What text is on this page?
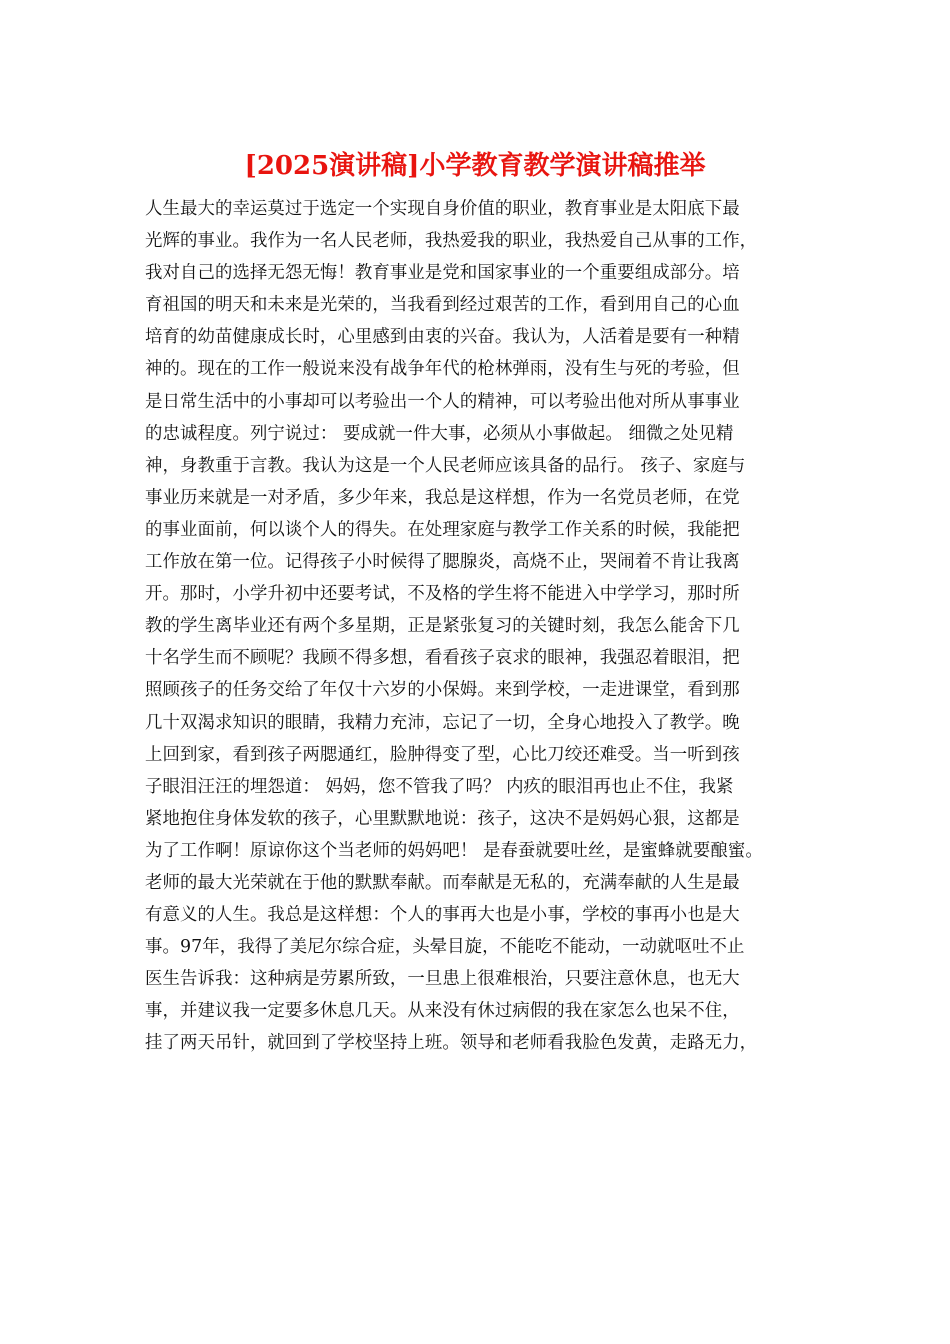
[2025演讲稿]小学教育教学演讲稿推举
人生最大的幸运莫过于选定一个实现自身价值的职业，教育事业是太阳底下最
光辉的事业。我作为一名人民老师，我热爱我的职业，我热爱自己从事的工作，
我对自己的选择无怨无悔！教育事业是党和国家事业的一个重要组成部分。培
育祖国的明天和未来是光荣的，当我看到经过艰苦的工作，看到用自己的心血
培育的幼苗健康成长时，心里感到由衷的兴奋。我认为，人活着是要有一种精
神的。现在的工作一般说来没有战争年代的枪林弹雨，没有生与死的考验，但
是日常生活中的小事却可以考验出一个人的精神，可以考验出他对所从事事业
的忠诚程度。列宁说过： 要成就一件大事，必须从小事做起。 细微之处见精
神，身教重于言教。我认为这是一个人民老师应该具备的品行。 孩子、家庭与
事业历来就是一对矛盾，多少年来，我总是这样想，作为一名党员老师，在党
的事业面前，何以谈个人的得失。在处理家庭与教学工作关系的时候，我能把
工作放在第一位。记得孩子小时候得了腮腺炎，高烧不止，哭闹着不肯让我离
开。那时，小学升初中还要考试，不及格的学生将不能进入中学学习，那时所
教的学生离毕业还有两个多星期，正是紧张复习的关键时刻，我怎么能舍下几
十名学生而不顾呢？我顾不得多想，看看孩子哀求的眼神，我强忍着眼泪，把
照顾孩子的任务交给了年仅十六岁的小保姆。来到学校，一走进课堂，看到那
几十双渴求知识的眼睛，我精力充沛，忘记了一切，全身心地投入了教学。晚
上回到家，看到孩子两腮通红，脸肿得变了型，心比刀绞还难受。当一听到孩
子眼泪汪汪的埋怨道： 妈妈，您不管我了吗？ 内疚的眼泪再也止不住，我紧
紧地抱住身体发软的孩子，心里默默地说：孩子，这决不是妈妈心狠，这都是
为了工作啊！原谅你这个当老师的妈妈吧！ 是春蚕就要吐丝，是蜜蜂就要酿蜜。
老师的最大光荣就在于他的默默奉献。而奉献是无私的，充满奉献的人生是最
有意义的人生。我总是这样想：个人的事再大也是小事，学校的事再小也是大
事。97年，我得了美尼尔综合症，头晕目旋，不能吃不能动，一动就呕吐不止
医生告诉我：这种病是劳累所致，一旦患上很难根治，只要注意休息，也无大
事，并建议我一定要多休息几天。从来没有休过病假的我在家怎么也呆不住，
挂了两天吊针，就回到了学校坚持上班。领导和老师看我脸色发黄，走路无力，
